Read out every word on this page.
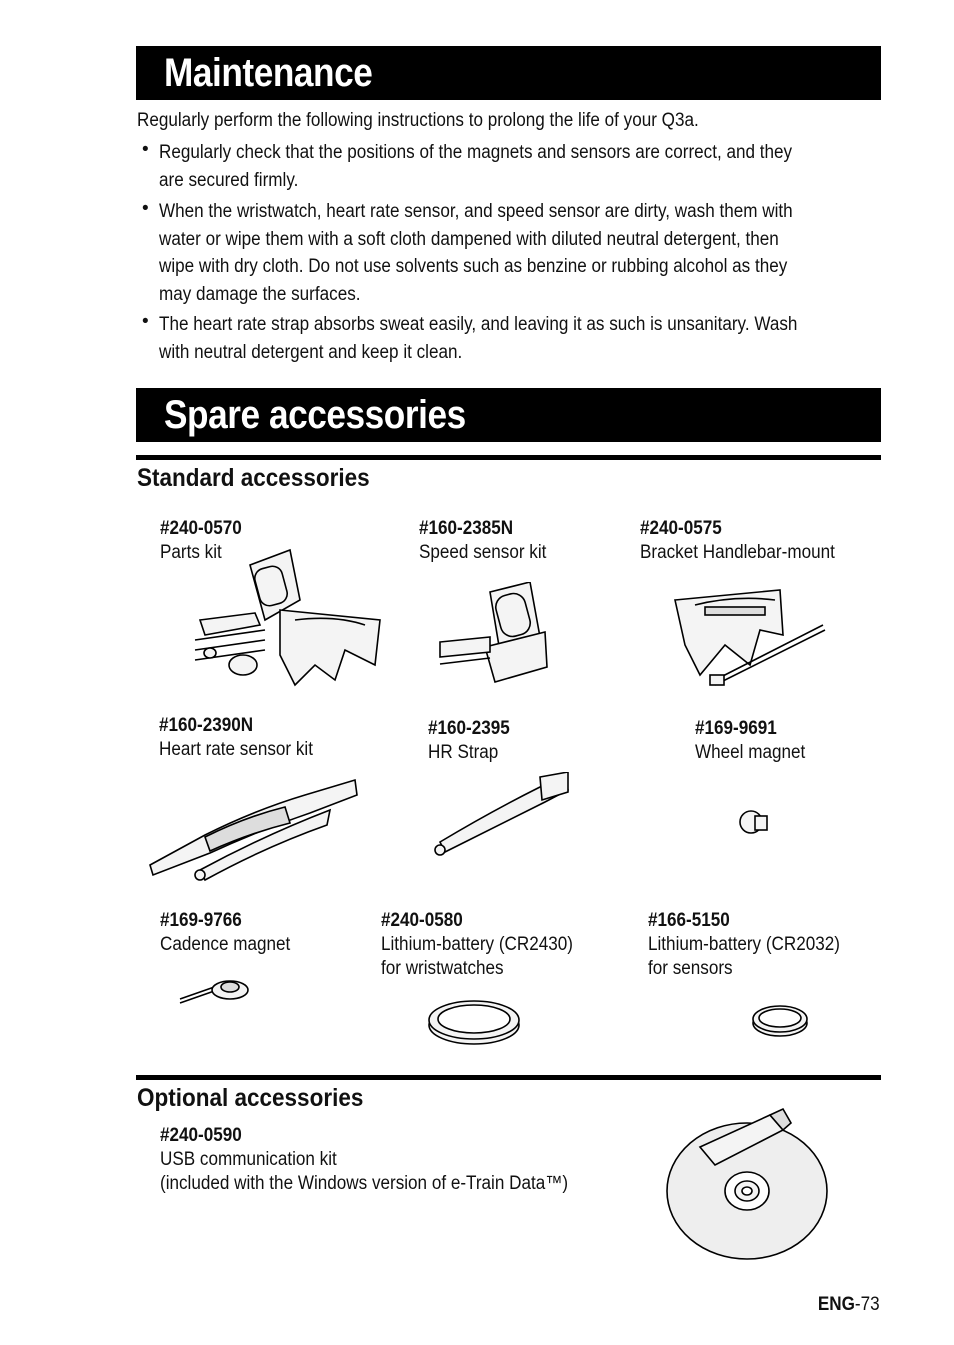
Maintenance
Regularly perform the following instructions to prolong the life of your Q3a.
• Regularly check that the positions of the magnets and sensors are correct, and they

are secured firmly.

• When the wristwatch, heart rate sensor, and speed sensor are dirty, wash them with

water or wipe them with a soft cloth dampened with diluted neutral detergent, then

wipe with dry cloth. Do not use solvents such as benzine or rubbing alcohol as they

may damage the surfaces.

• The heart rate strap absorbs sweat easily, and leaving it as such is unsanitary. Wash

with neutral detergent and keep it clean.

Spare accessories
Standard accessories
#240-0570
Parts kit
#160-2385N
Speed sensor kit
#240-0575
Bracket Handlebar-mount
#160-2390N
Heart rate sensor kit
#160-2395
HR Strap
#169-9691
Wheel magnet
#169-9766
Cadence magnet
#240-0580
Lithium-battery (CR2430)
for wristwatches
#166-5150
Lithium-battery (CR2032)
for sensors
Optional accessories
#240-0590
USB communication kit
(included with the Windows version of e-Train Data™)
ENG-73
